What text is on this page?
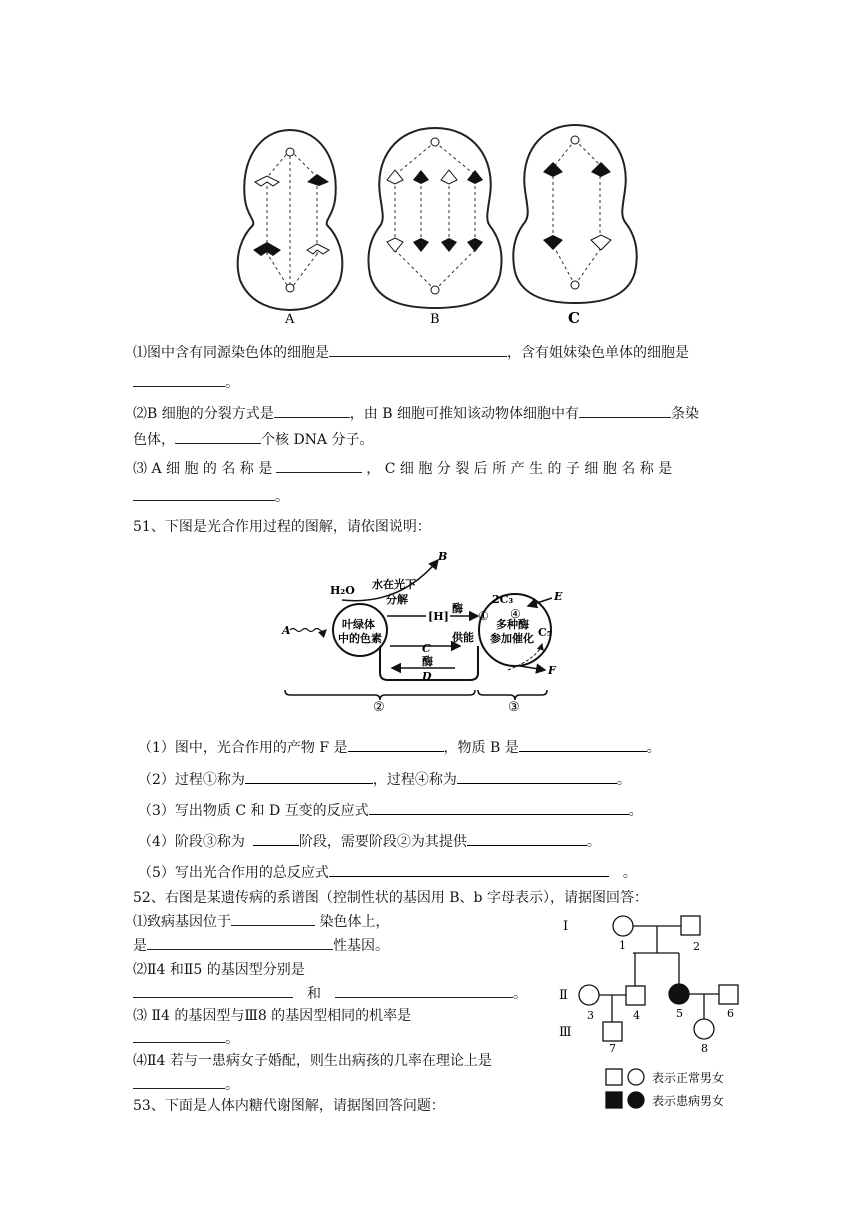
A	B	C
⑴图中含有同源染色体的细胞是	，含有姐妹染色单体的细胞是
。
⑵B 细胞的分裂方式是	，由 B 细胞可推知该动物体细胞中有	条染
色体，	个核 DNA 分子。
⑶ A 细 胞 的 名 称 是	， C 细 胞 分 裂 后 所 产 生 的 子 细 胞 名 称 是
。
51、下图是光合作用过程的图解，请依图说明：
H₂O
B
水在光下
分解
[H]
酶
①
2C₃
④
E
叶绿体
中的色素
A
供能
多种酶
参加催化 C₅
C
酶
D	F
②	③
（1）图中，光合作用的产物 F 是	，物质 B 是	。
（2）过程①称为	，过程④称为	。
（3）写出物质 C 和 D 互变的反应式	。
（4）阶段③称为	阶段，需要阶段②为其提供	。
（5）写出光合作用的总反应式	。
52、右图是某遗传病的系谱图（控制性状的基因用 B、b 字母表示），请据图回答：
⑴致病基因位于	染色体上，
是	性基因。
⑵Ⅱ4 和Ⅱ5 的基因型分别是
和	。
⑶ Ⅱ4 的基因型与Ⅲ8 的基因型相同的机率是
。
⑷Ⅱ4 若与一患病女子婚配，则生出病孩的几率在理论上是
。
Ⅰ
Ⅱ
Ⅲ
1	2
3	4	5	6
7	8
表示正常男女
表示患病男女
53、下面是人体内糖代谢图解，请据图回答问题：
